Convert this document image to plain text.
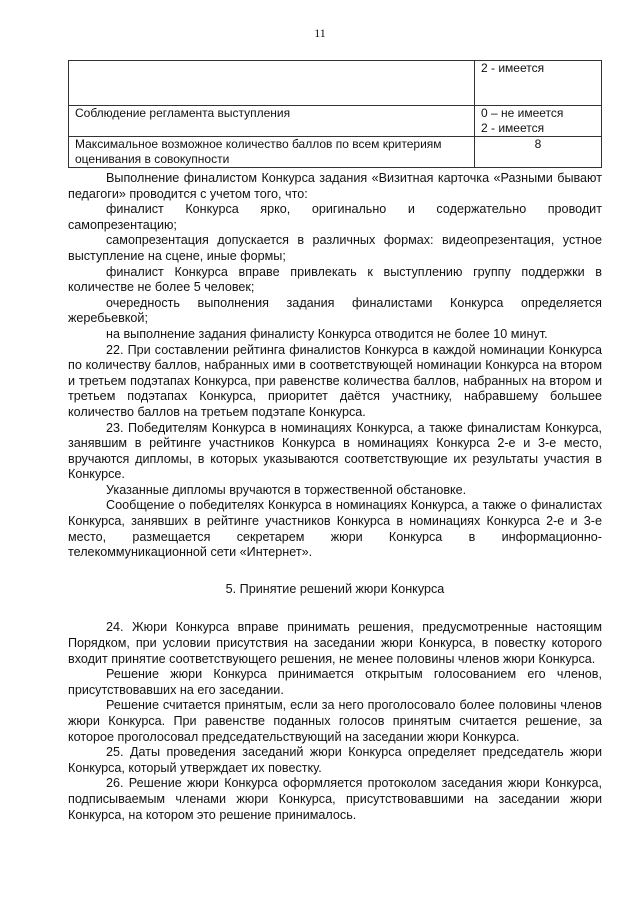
11

	2 - имеется

Соблюдение регламента выступления	0 – не имеется
2 - имеется

Максимальное возможное количество баллов по всем критериям оценивания в совокупности	8

Выполнение финалистом Конкурса задания «Визитная карточка «Разными бывают педагоги» проводится с учетом того, что:

финалист Конкурса ярко, оригинально и содержательно проводит самопрезентацию;

самопрезентация допускается в различных формах: видеопрезентация, устное выступление на сцене, иные формы;

финалист Конкурса вправе привлекать к выступлению группу поддержки в количестве не более 5 человек;

очередность выполнения задания финалистами Конкурса определяется жеребьевкой;

на выполнение задания финалисту Конкурса отводится не более 10 минут.

22. При составлении рейтинга финалистов Конкурса в каждой номинации Конкурса по количеству баллов, набранных ими в соответствующей номинации Конкурса на втором и третьем подэтапах Конкурса, при равенстве количества баллов, набранных на втором и третьем подэтапах Конкурса, приоритет даётся участнику, набравшему большее количество баллов на третьем подэтапе Конкурса.

23. Победителям Конкурса в номинациях Конкурса, а также финалистам Конкурса, занявшим в рейтинге участников Конкурса в номинациях Конкурса 2-е и 3-е место, вручаются дипломы, в которых указываются соответствующие их результаты участия в Конкурсе.

Указанные дипломы вручаются в торжественной обстановке.

Сообщение о победителях Конкурса в номинациях Конкурса, а также о финалистах Конкурса, занявших в рейтинге участников Конкурса в номинациях Конкурса 2-е и 3-е место, размещается секретарем жюри Конкурса в информационно-телекоммуникационной сети «Интернет».

5. Принятие решений жюри Конкурса

24. Жюри Конкурса вправе принимать решения, предусмотренные настоящим Порядком, при условии присутствия на заседании жюри Конкурса, в повестку которого входит принятие соответствующего решения, не менее половины членов жюри Конкурса.

Решение жюри Конкурса принимается открытым голосованием его членов, присутствовавших на его заседании.

Решение считается принятым, если за него проголосовало более половины членов жюри Конкурса. При равенстве поданных голосов принятым считается решение, за которое проголосовал председательствующий на заседании жюри Конкурса.

25. Даты проведения заседаний жюри Конкурса определяет председатель жюри Конкурса, который утверждает их повестку.

26. Решение жюри Конкурса оформляется протоколом заседания жюри Конкурса, подписываемым членами жюри Конкурса, присутствовавшими на заседании жюри Конкурса, на котором это решение принималось.
